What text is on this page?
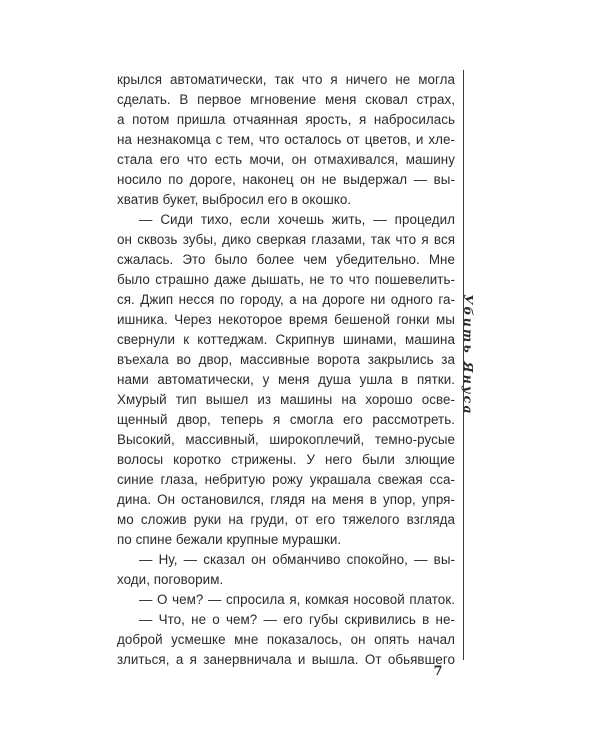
крылся автоматически, так что я ничего не могла
сделать. В первое мгновение меня сковал страх,
а потом пришла отчаянная ярость, я набросилась
на незнакомца с тем, что осталось от цветов, и хле-
стала его что есть мочи, он отмахивался, машину
носило по дороге, наконец он не выдержал — вы-
хватив букет, выбросил его в окошко.
— Сиди тихо, если хочешь жить, — процедил
он сквозь зубы, дико сверкая глазами, так что я вся
сжалась. Это было более чем убедительно. Мне
было страшно даже дышать, не то что пошевелить-
ся. Джип несся по городу, а на дороге ни одного га-
ишника. Через некоторое время бешеной гонки мы
свернули к коттеджам. Скрипнув шинами, машина
въехала во двор, массивные ворота закрылись за
нами автоматически, у меня душа ушла в пятки.
Хмурый тип вышел из машины на хорошо осве-
щенный двор, теперь я смогла его рассмотреть.
Высокий, массивный, широкоплечий, темно-русые
волосы коротко стрижены. У него были злющие
синие глаза, небритую рожу украшала свежая ссa-
дина. Он остановился, глядя на меня в упор, упря-
мо сложив руки на груди, от его тяжелого взгляда
по спине бежали крупные мурашки.
— Ну, — сказал он обманчиво спокойно, — вы-
ходи, поговорим.
— О чем? — спросила я, комкая носовой платок.
— Что, не о чем? — его губы скривились в не-
доброй усмешке мне показалось, он опять начал
злиться, а я занервничала и вышла. От обьявшего
Убить Януса
7
